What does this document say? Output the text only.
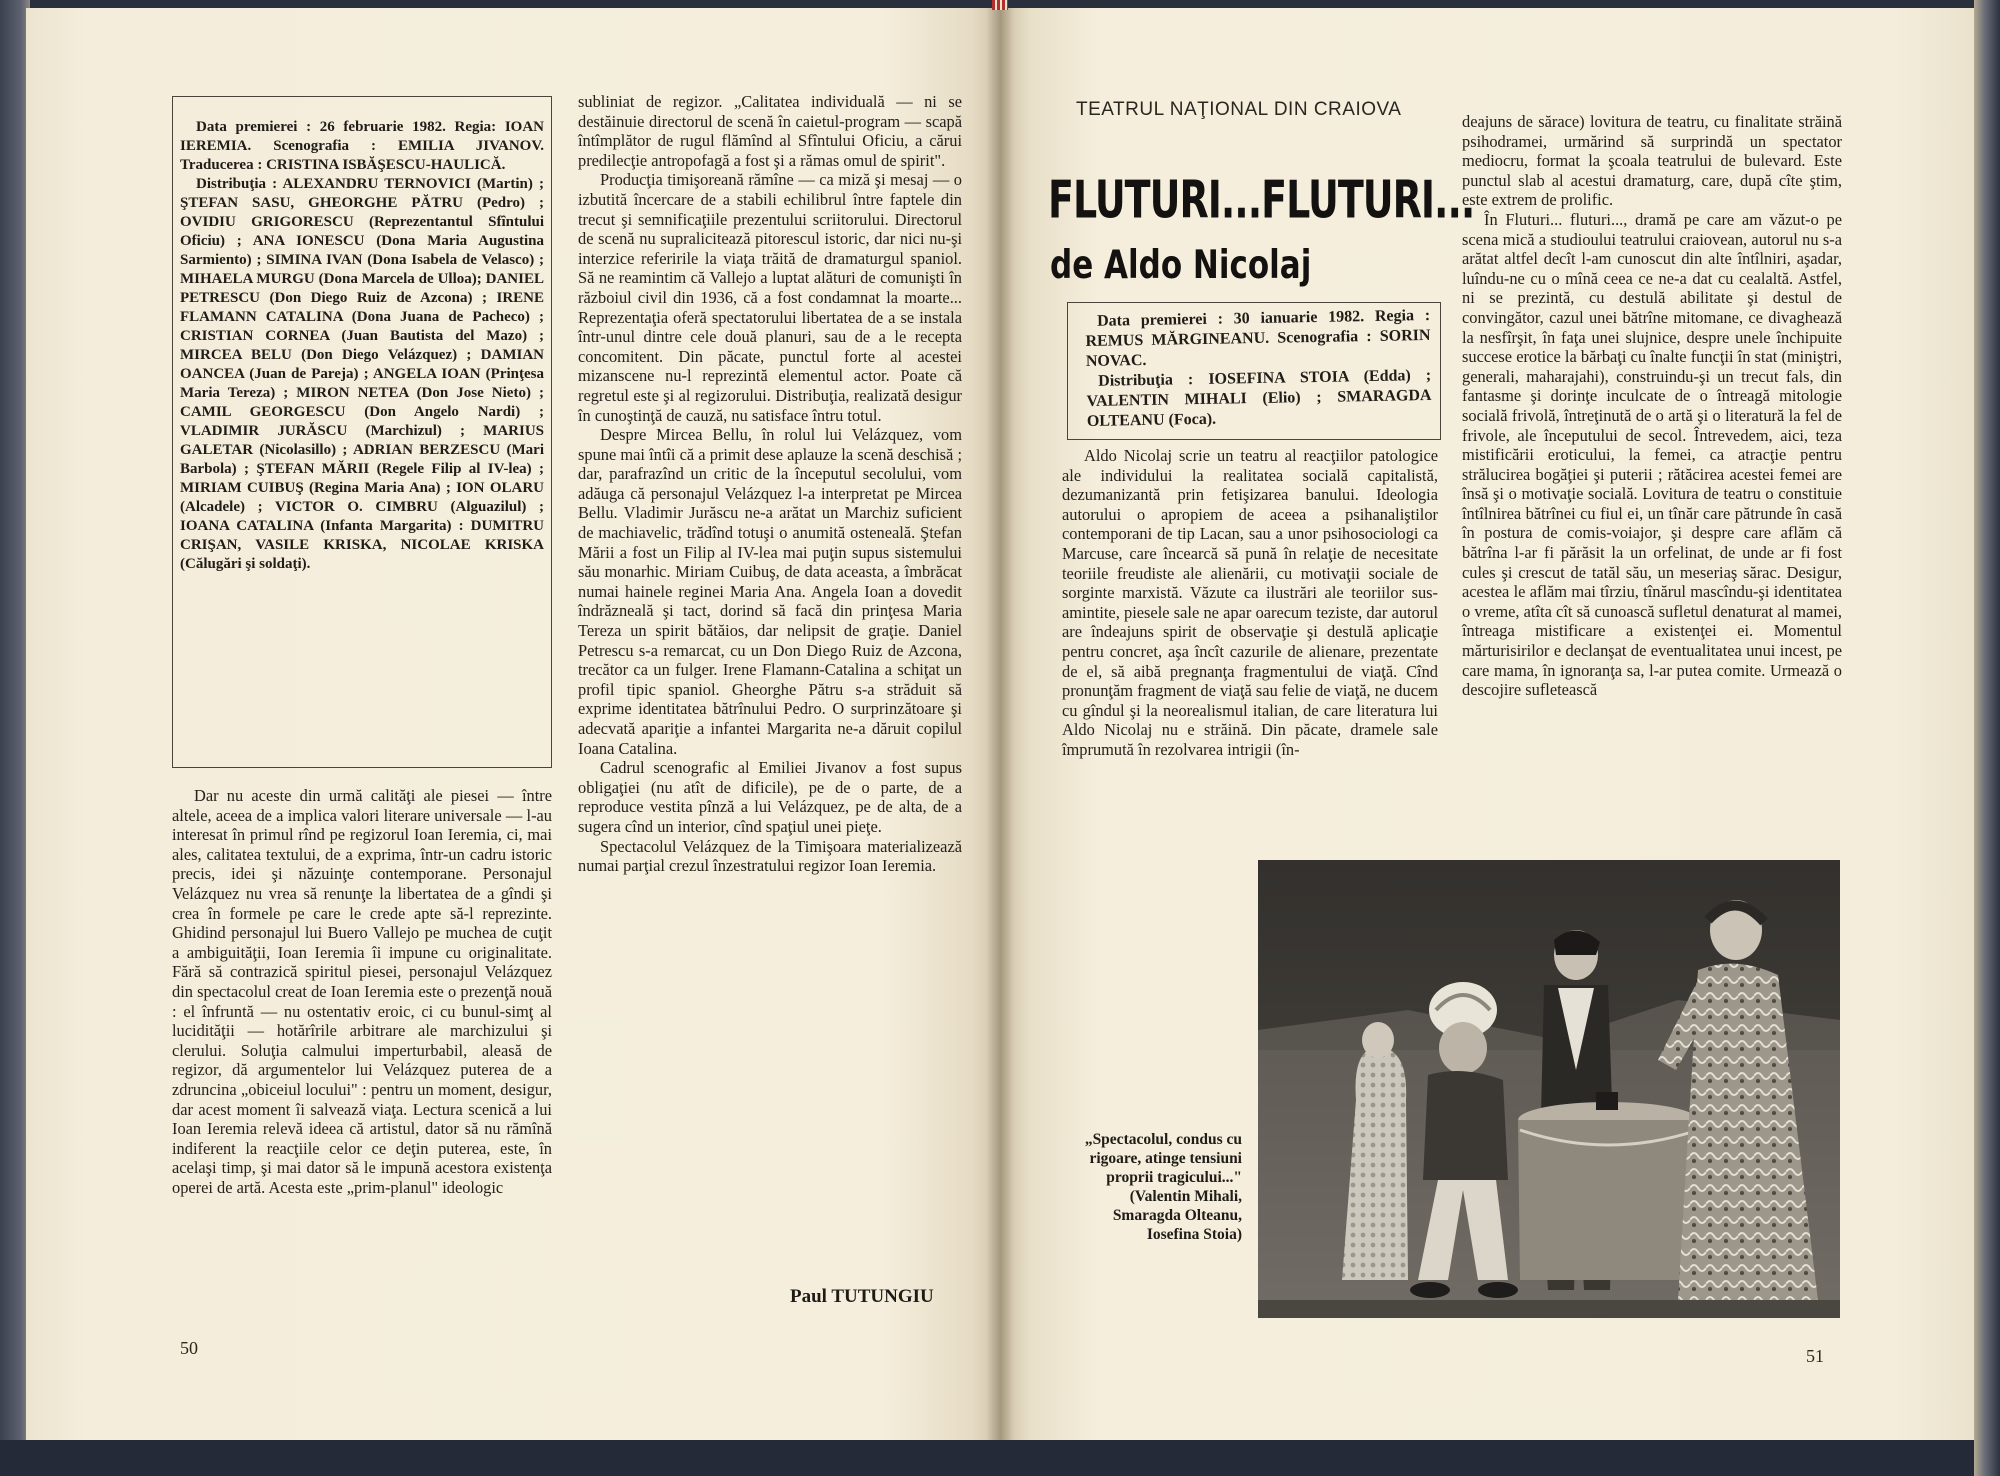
Data premierei : 26 februarie 1982. Regia: IOAN IEREMIA. Scenografia : EMILIA JIVANOV. Traducerea : CRISTINA ISBĂŞESCU-HAULICĂ.

Distribuţia : ALEXANDRU TERNOVICI (Martin) ; ŞTEFAN SASU, GHEORGHE PĂTRU (Pedro) ; OVIDIU GRIGORESCU (Reprezentantul Sfîntului Oficiu) ; ANA IONESCU (Dona Maria Augustina Sarmiento) ; SIMINA IVAN (Dona Isabela de Velasco) ; MIHAELA MURGU (Dona Marcela de Ulloa); DANIEL PETRESCU (Don Diego Ruiz de Azcona) ; IRENE FLAMANN CATALINA (Dona Juana de Pacheco) ; CRISTIAN CORNEA (Juan Bautista del Mazo) ; MIRCEA BELU (Don Diego Velázquez) ; DAMIAN OANCEA (Juan de Pareja) ; ANGELA IOAN (Prinţesa Maria Tereza) ; MIRON NETEA (Don Jose Nieto) ; CAMIL GEORGESCU (Don Angelo Nardi) ; VLADIMIR JURĂSCU (Marchizul) ; MARIUS GALETAR (Nicolasillo) ; ADRIAN BERZESCU (Mari Barbola) ; ŞTEFAN MĂRII (Regele Filip al IV-lea) ; MIRIAM CUIBUŞ (Regina Maria Ana) ; ION OLARU (Alcadele) ; VICTOR O. CIMBRU (Alguazilul) ; IOANA CATALINA (Infanta Margarita) : DUMITRU CRIŞAN, VASILE KRISKA, NICOLAE KRISKA (Călugări şi soldaţi).

Dar nu aceste din urmă calităţi ale piesei — între altele, aceea de a implica valori literare universale — l-au interesat în primul rînd pe regizorul Ioan Ieremia, ci, mai ales, calitatea textului, de a exprima, într-un cadru istoric precis, idei şi năzuinţe contemporane. Personajul Velázquez nu vrea să renunţe la libertatea de a gîndi şi crea în formele pe care le crede apte să-l reprezinte. Ghidind personajul lui Buero Vallejo pe muchea de cuţit a ambiguităţii, Ioan Ieremia îi impune cu originalitate. Fără să contrazică spiritul piesei, personajul Velázquez din spectacolul creat de Ioan Ieremia este o prezenţă nouă : el înfruntă — nu ostentativ eroic, ci cu bunul-simţ al lucidităţii — hotărîrile arbitrare ale marchizului şi clerului. Soluţia calmului imperturbabil, aleasă de regizor, dă argumentelor lui Velázquez puterea de a zdruncina „obiceiul locului" : pentru un moment, desigur, dar acest moment îi salvează viaţa. Lectura scenică a lui Ioan Ieremia relevă ideea că artistul, dator să nu rămînă indiferent la reacţiile celor ce deţin puterea, este, în acelaşi timp, şi mai dator să le impună acestora existenţa operei de artă. Acesta este „prim-planul" ideologic

subliniat de regizor. „Calitatea individuală — ni se destăinuie directorul de scenă în caietul-program — scapă întîmplător de rugul flămînd al Sfîntului Oficiu, a cărui predilecţie antropofagă a fost şi a rămas omul de spirit".

Producţia timişoreană rămîne — ca miză şi mesaj — o izbutită încercare de a stabili echilibrul între faptele din trecut şi semnificaţiile prezentului scriitorului. Directorul de scenă nu supralicitează pitorescul istoric, dar nici nu-şi interzice referirile la viaţa trăită de dramaturgul spaniol. Să ne reamintim că Vallejo a luptat alături de comunişti în războiul civil din 1936, că a fost condamnat la moarte... Reprezentaţia oferă spectatorului libertatea de a se instala într-unul dintre cele două planuri, sau de a le recepta concomitent. Din păcate, punctul forte al acestei mizanscene nu-l reprezintă elementul actor. Poate că regretul este şi al regizorului. Distribuţia, realizată desigur în cunoştinţă de cauză, nu satisface întru totul.

Despre Mircea Bellu, în rolul lui Velázquez, vom spune mai întîi că a primit dese aplauze la scenă deschisă ; dar, parafrazînd un critic de la începutul secolului, vom adăuga că personajul Velázquez l-a interpretat pe Mircea Bellu. Vladimir Jurăscu ne-a arătat un Marchiz suficient de machiavelic, trădînd totuşi o anumită osteneală. Ştefan Mării a fost un Filip al IV-lea mai puţin supus sistemului său monarhic. Miriam Cuibuş, de data aceasta, a îmbrăcat numai hainele reginei Maria Ana. Angela Ioan a dovedit îndrăzneală şi tact, dorind să facă din prinţesa Maria Tereza un spirit bătăios, dar nelipsit de graţie. Daniel Petrescu s-a remarcat, cu un Don Diego Ruiz de Azcona, trecător ca un fulger. Irene Flamann-Catalina a schiţat un profil tipic spaniol. Gheorghe Pătru s-a străduit să exprime identitatea bătrînului Pedro. O surprinzătoare şi adecvată apariţie a infantei Margarita ne-a dăruit copilul Ioana Catalina.

Cadrul scenografic al Emiliei Jivanov a fost supus obligaţiei (nu atît de dificile), pe de o parte, de a reproduce vestita pînză a lui Velázquez, pe de alta, de a sugera cînd un interior, cînd spaţiul unei pieţe.

Spectacolul Velázquez de la Timişoara materializează numai parţial crezul înzestratului regizor Ioan Ieremia.

Paul TUTUNGIU
50
TEATRUL NAŢIONAL DIN CRAIOVA
FLUTURI...FLUTURI...
de Aldo Nicolaj

Data premierei : 30 ianuarie 1982. Regia : REMUS MĂRGINEANU. Scenografia : SORIN NOVAC.

Distribuţia : IOSEFINA STOIA (Edda) ; VALENTIN MIHALI (Elio) ; SMARAGDA OLTEANU (Foca).

Aldo Nicolaj scrie un teatru al reacţiilor patologice ale individului la realitatea socială capitalistă, dezumanizantă prin fetişizarea banului. Ideologia autorului o apropiem de aceea a psihanaliştilor contemporani de tip Lacan, sau a unor psihosociologi ca Marcuse, care încearcă să pună în relaţie de necesitate teoriile freudiste ale alienării, cu motivaţii sociale de sorginte marxistă. Văzute ca ilustrări ale teoriilor sus-amintite, piesele sale ne apar oarecum teziste, dar autorul are îndeajuns spirit de observaţie şi destulă aplicaţie pentru concret, aşa încît cazurile de alienare, prezentate de el, să aibă pregnanţa fragmentului de viaţă. Cînd pronunţăm fragment de viaţă sau felie de viaţă, ne ducem cu gîndul şi la neorealismul italian, de care literatura lui Aldo Nicolaj nu e străină. Din păcate, dramele sale împrumută în rezolvarea intrigii (în-

deajuns de sărace) lovitura de teatru, cu finalitate străină psihodramei, urmărind să surprindă un spectator mediocru, format la şcoala teatrului de bulevard. Este punctul slab al acestui dramaturg, care, după cîte ştim, este extrem de prolific.

În Fluturi... fluturi..., dramă pe care am văzut-o pe scena mică a studioului teatrului craiovean, autorul nu s-a arătat altfel decît l-am cunoscut din alte întîlniri, aşadar, luîndu-ne cu o mînă ceea ce ne-a dat cu cealaltă. Astfel, ni se prezintă, cu destulă abilitate şi destul de convingător, cazul unei bătrîne mitomane, ce divaghează la nesfîrşit, în faţa unei slujnice, despre unele închipuite succese erotice la bărbaţi cu înalte funcţii în stat (miniştri, generali, maharajahi), construindu-şi un trecut fals, din fantasme şi dorinţe inculcate de o întreagă mitologie socială frivolă, întreţinută de o artă şi o literatură la fel de frivole, ale începutului de secol. Întrevedem, aici, teza mistificării eroticului, la femei, ca atracţie pentru strălucirea bogăţiei şi puterii ; rătăcirea acestei femei are însă şi o motivaţie socială. Lovitura de teatru o constituie întîlnirea bătrînei cu fiul ei, un tînăr care pătrunde în casă în postura de comis-voiajor, şi despre care aflăm că bătrîna l-ar fi părăsit la un orfelinat, de unde ar fi fost cules şi crescut de tatăl său, un meseriaş sărac. Desigur, acestea le aflăm mai tîrziu, tînărul mascîndu-şi identitatea o vreme, atîta cît să cunoască sufletul denaturat al mamei, întreaga mistificare a existenţei ei. Momentul mărturisirilor e declanşat de eventualitatea unui incest, pe care mama, în ignoranţa sa, l-ar putea comite. Urmează o descojire sufletească

„Spectacolul, condus cu rigoare, atinge tensiuni proprii tragicului..." (Valentin Mihali, Smaragda Olteanu, Iosefina Stoia)
51
